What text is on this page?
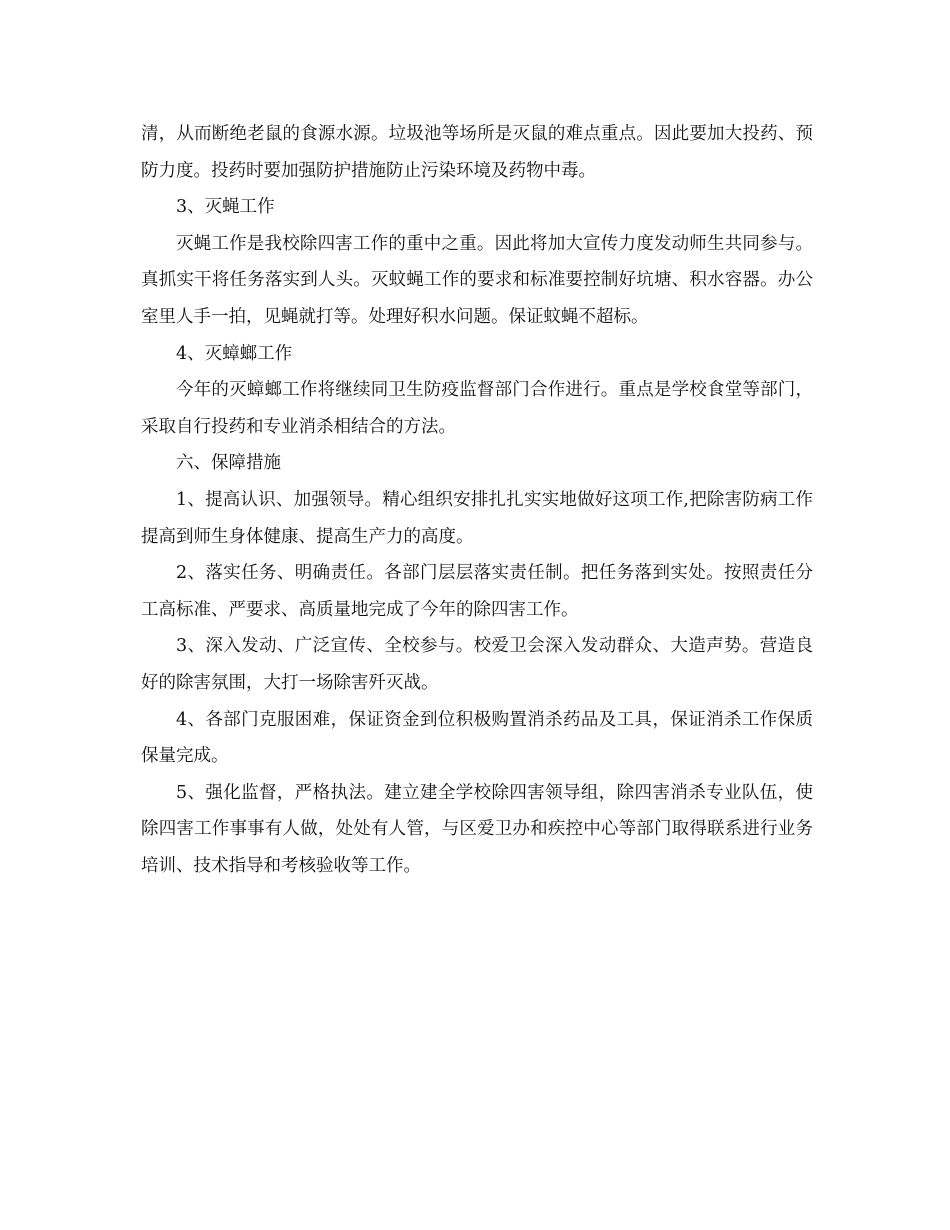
清，从而断绝老鼠的食源水源。垃圾池等场所是灭鼠的难点重点。因此要加大投药、预防力度。投药时要加强防护措施防止污染环境及药物中毒。

3、灭蝇工作

灭蝇工作是我校除四害工作的重中之重。因此将加大宣传力度发动师生共同参与。真抓实干将任务落实到人头。灭蚊蝇工作的要求和标准要控制好坑塘、积水容器。办公室里人手一拍，见蝇就打等。处理好积水问题。保证蚊蝇不超标。

4、灭蟑螂工作

今年的灭蟑螂工作将继续同卫生防疫监督部门合作进行。重点是学校食堂等部门，采取自行投药和专业消杀相结合的方法。

六、保障措施

1、提高认识、加强领导。精心组织安排扎扎实实地做好这项工作,把除害防病工作提高到师生身体健康、提高生产力的高度。

2、落实任务、明确责任。各部门层层落实责任制。把任务落到实处。按照责任分工高标准、严要求、高质量地完成了今年的除四害工作。

3、深入发动、广泛宣传、全校参与。校爱卫会深入发动群众、大造声势。营造良好的除害氛围，大打一场除害歼灭战。

4、各部门克服困难，保证资金到位积极购置消杀药品及工具，保证消杀工作保质保量完成。

5、强化监督，严格执法。建立建全学校除四害领导组，除四害消杀专业队伍，使除四害工作事事有人做，处处有人管，与区爱卫办和疾控中心等部门取得联系进行业务培训、技术指导和考核验收等工作。
